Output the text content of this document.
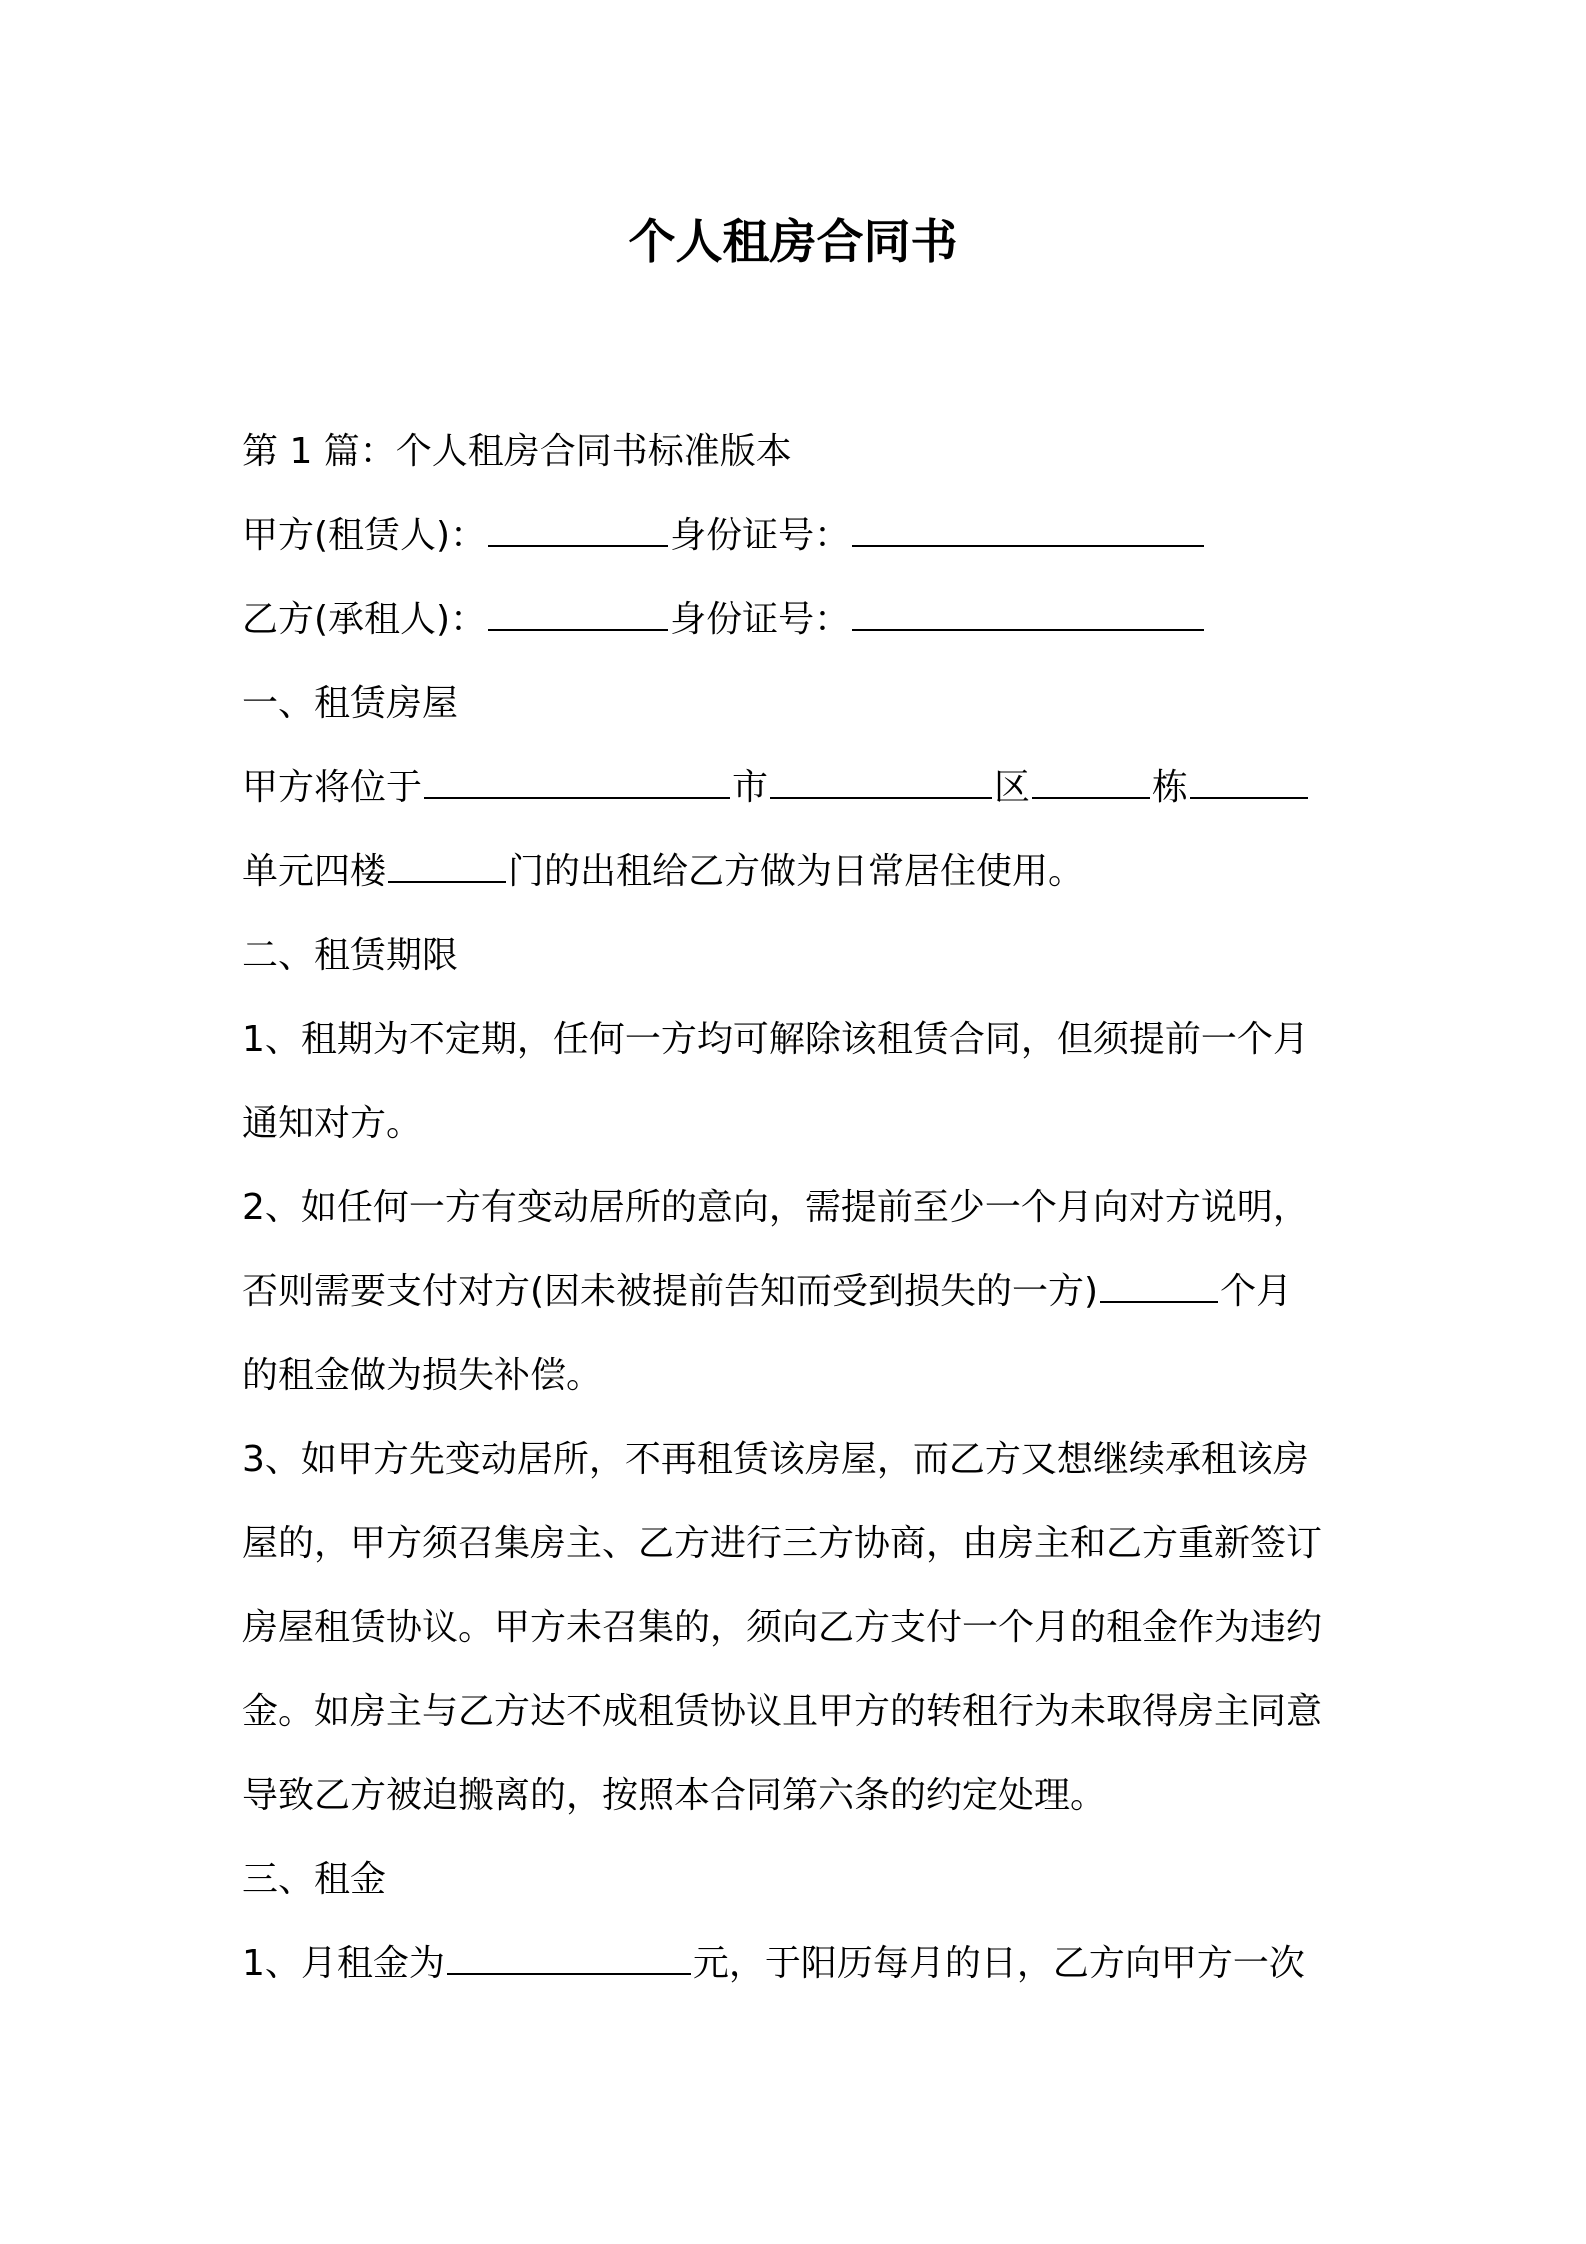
个人租房合同书
第 1 篇：个人租房合同书标准版本
甲方(租赁人)：	身份证号：
乙方(承租人)：	身份证号：
一、租赁房屋
甲方将位于	市	区	栋
单元四楼	门的出租给乙方做为日常居住使用。
二、租赁期限
1、租期为不定期，任何一方均可解除该租赁合同，但须提前一个月
通知对方。
2、如任何一方有变动居所的意向，需提前至少一个月向对方说明，
否则需要支付对方(因未被提前告知而受到损失的一方)	个月
的租金做为损失补偿。
3、如甲方先变动居所，不再租赁该房屋，而乙方又想继续承租该房
屋的，甲方须召集房主、乙方进行三方协商，由房主和乙方重新签订
房屋租赁协议。甲方未召集的，须向乙方支付一个月的租金作为违约
金。如房主与乙方达不成租赁协议且甲方的转租行为未取得房主同意
导致乙方被迫搬离的，按照本合同第六条的约定处理。
三、租金
1、月租金为	元，于阳历每月的日，乙方向甲方一次
